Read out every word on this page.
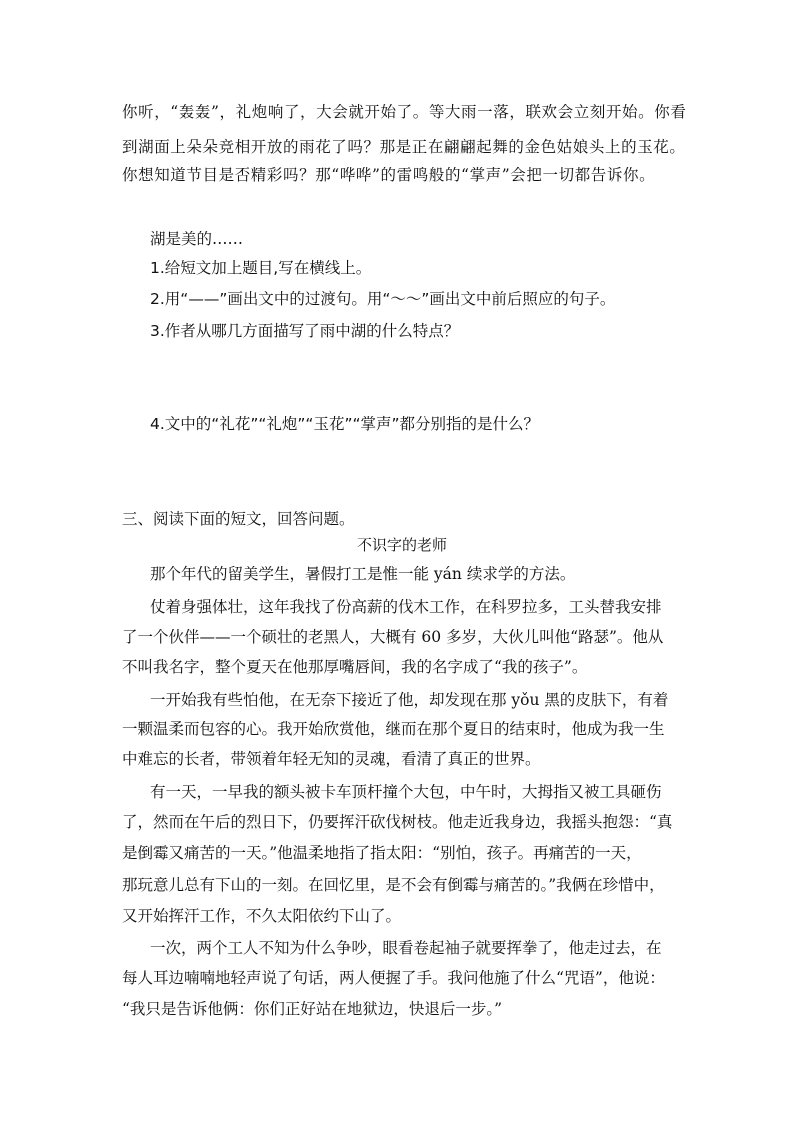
你听，“轰轰”，礼炮响了，大会就开始了。等大雨一落，联欢会立刻开始。你看
到湖面上朵朵竞相开放的雨花了吗？那是正在翩翩起舞的金色姑娘头上的玉花。
你想知道节目是否精彩吗？那“哗哗”的雷鸣般的“掌声”会把一切都告诉你。
湖是美的……
1.给短文加上题目,写在横线上。
2.用“——”画出文中的过渡句。用“～～”画出文中前后照应的句子。
3.作者从哪几方面描写了雨中湖的什么特点？
4.文中的“礼花”“礼炮”“玉花”“掌声”都分别指的是什么？
三、阅读下面的短文，回答问题。
不识字的老师
那个年代的留美学生，暑假打工是惟一能 yán 续求学的方法。
仗着身强体壮，这年我找了份高薪的伐木工作，在科罗拉多，工头替我安排
了一个伙伴——一个硕壮的老黑人，大概有 60 多岁，大伙儿叫他“路瑟”。他从
不叫我名字，整个夏天在他那厚嘴唇间，我的名字成了“我的孩子”。
一开始我有些怕他，在无奈下接近了他，却发现在那 yǒu 黑的皮肤下，有着
一颗温柔而包容的心。我开始欣赏他，继而在那个夏日的结束时，他成为我一生
中难忘的长者，带领着年轻无知的灵魂，看清了真正的世界。
有一天，一早我的额头被卡车顶杆撞个大包，中午时，大拇指又被工具砸伤
了，然而在午后的烈日下，仍要挥汗砍伐树枝。他走近我身边，我摇头抱怨：“真
是倒霉又痛苦的一天。”他温柔地指了指太阳：“别怕，孩子。再痛苦的一天，
那玩意儿总有下山的一刻。在回忆里，是不会有倒霉与痛苦的。”我俩在珍惜中，
又开始挥汗工作，不久太阳依约下山了。
一次，两个工人不知为什么争吵，眼看卷起袖子就要挥拳了，他走过去，在
每人耳边喃喃地轻声说了句话，两人便握了手。我问他施了什么“咒语”，他说：
“我只是告诉他俩：你们正好站在地狱边，快退后一步。”
